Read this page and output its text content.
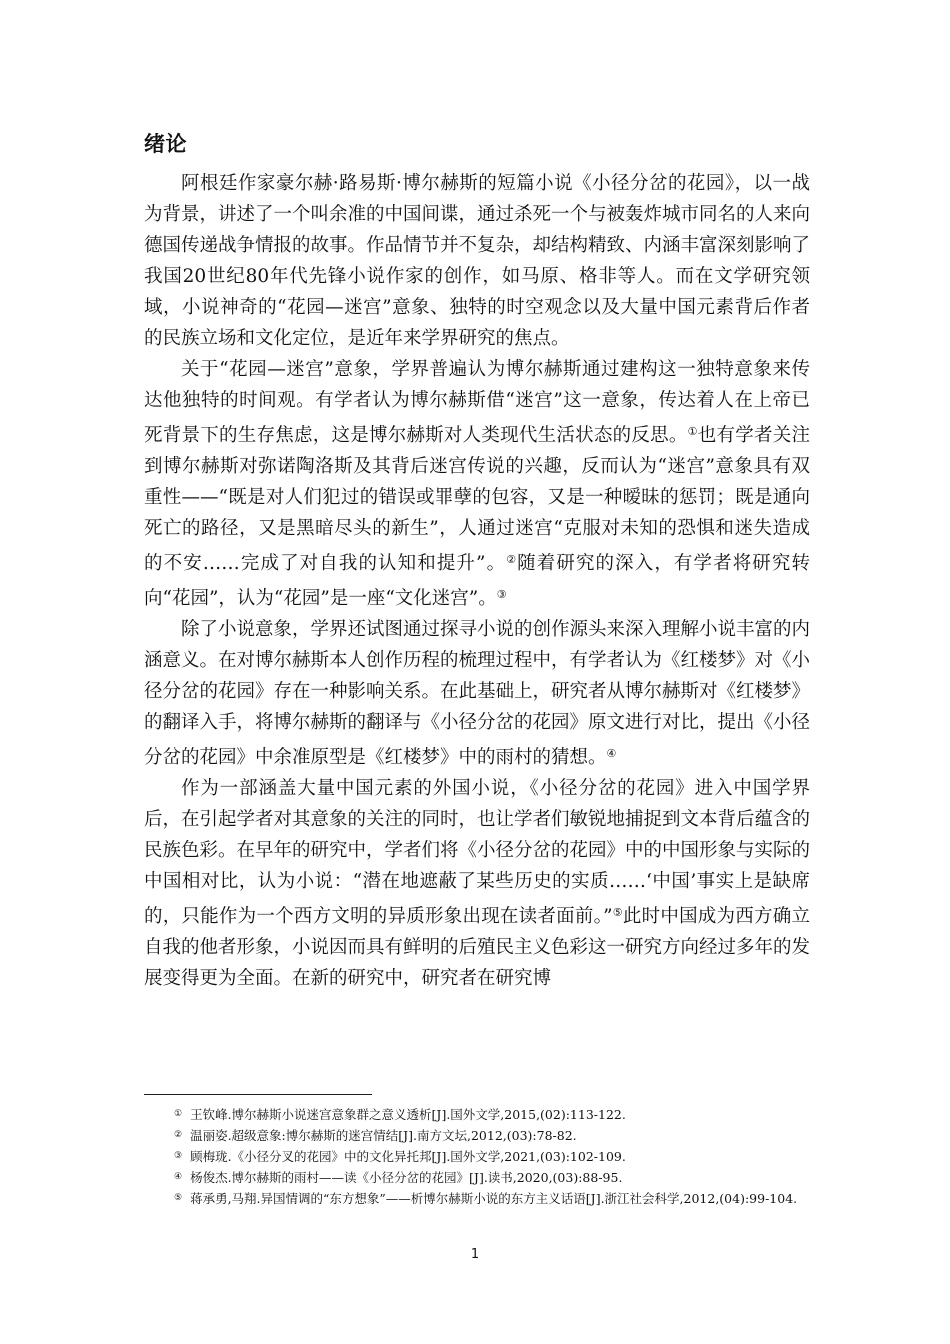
绪论

阿根廷作家豪尔赫·路易斯·博尔赫斯的短篇小说《小径分岔的花园》，以一战为背景，讲述了一个叫余准的中国间谍，通过杀死一个与被轰炸城市同名的人来向德国传递战争情报的故事。作品情节并不复杂，却结构精致、内涵丰富深刻影响了我国20世纪80年代先锋小说作家的创作，如马原、格非等人。而在文学研究领域，小说神奇的“花园—迷宫”意象、独特的时空观念以及大量中国元素背后作者的民族立场和文化定位，是近年来学界研究的焦点。

关于“花园—迷宫”意象，学界普遍认为博尔赫斯通过建构这一独特意象来传达他独特的时间观。有学者认为博尔赫斯借“迷宫”这一意象，传达着人在上帝已死背景下的生存焦虑，这是博尔赫斯对人类现代生活状态的反思。①也有学者关注到博尔赫斯对弥诺陶洛斯及其背后迷宫传说的兴趣，反而认为“迷宫”意象具有双重性——“既是对人们犯过的错误或罪孽的包容，又是一种暧昧的惩罚；既是通向死亡的路径，又是黑暗尽头的新生”，人通过迷宫“克服对未知的恐惧和迷失造成的不安……完成了对自我的认知和提升”。②随着研究的深入，有学者将研究转向“花园”，认为“花园”是一座“文化迷宫”。③

除了小说意象，学界还试图通过探寻小说的创作源头来深入理解小说丰富的内涵意义。在对博尔赫斯本人创作历程的梳理过程中，有学者认为《红楼梦》对《小径分岔的花园》存在一种影响关系。在此基础上，研究者从博尔赫斯对《红楼梦》的翻译入手，将博尔赫斯的翻译与《小径分岔的花园》原文进行对比，提出《小径分岔的花园》中余准原型是《红楼梦》中的雨村的猜想。④

作为一部涵盖大量中国元素的外国小说，《小径分岔的花园》进入中国学界后，在引起学者对其意象的关注的同时，也让学者们敏锐地捕捉到文本背后蕴含的民族色彩。在早年的研究中，学者们将《小径分岔的花园》中的中国形象与实际的中国相对比，认为小说：“潜在地遮蔽了某些历史的实质……‘中国’事实上是缺席的，只能作为一个西方文明的异质形象出现在读者面前。”⑤此时中国成为西方确立自我的他者形象，小说因而具有鲜明的后殖民主义色彩这一研究方向经过多年的发展变得更为全面。在新的研究中，研究者在研究博

① 王钦峰.博尔赫斯小说迷宫意象群之意义透析[J].国外文学,2015,(02):113-122.
② 温丽姿.超级意象:博尔赫斯的迷宫情结[J].南方文坛,2012,(03):78-82.
③ 顾梅珑.《小径分叉的花园》中的文化异托邦[J].国外文学,2021,(03):102-109.
④ 杨俊杰.博尔赫斯的雨村——读《小径分岔的花园》[J].读书,2020,(03):88-95.
⑤ 蒋承勇,马翔.异国情调的“东方想象”——析博尔赫斯小说的东方主义话语[J].浙江社会科学,2012,(04):99-104.
1
